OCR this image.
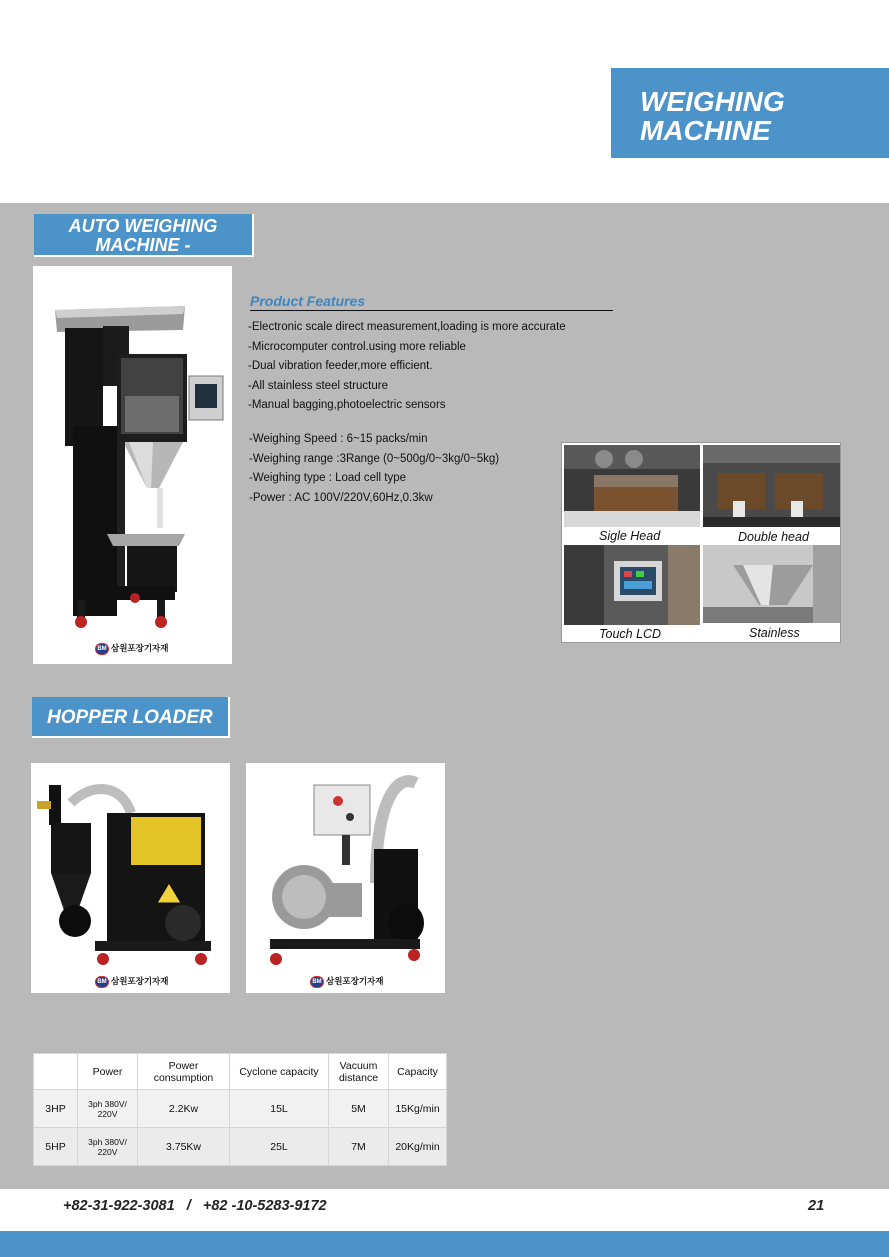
WEIGHING
MACHINE
AUTO WEIGHING
MACHINE -
BM 삼원포장기자재
Product Features
-Electronic scale direct measurement,loading is more accurate
-Microcomputer control.using more reliable
-Dual vibration feeder,more efficient.
-All stainless steel structure
-Manual bagging,photoelectric sensors
-Weighing Speed : 6~15 packs/min
-Weighing range :3Range (0~500g/0~3kg/0~5kg)
-Weighing type : Load cell type
-Power : AC 100V/220V,60Hz,0.3kw
Sigle Head	Double head
Touch LCD	Stainless
HOPPER LOADER
BM 삼원포장기자재	BM 삼원포장기자재
	Power	Power consumption	Cyclone capacity	Vacuum distance	Capacity
3HP	3ph 380V/ 220V	2.2Kw	15L	5M	15Kg/min
5HP	3ph 380V/ 220V	3.75Kw	25L	7M	20Kg/min
+82-31-922-3081   /   +82 -10-5283-9172	21
